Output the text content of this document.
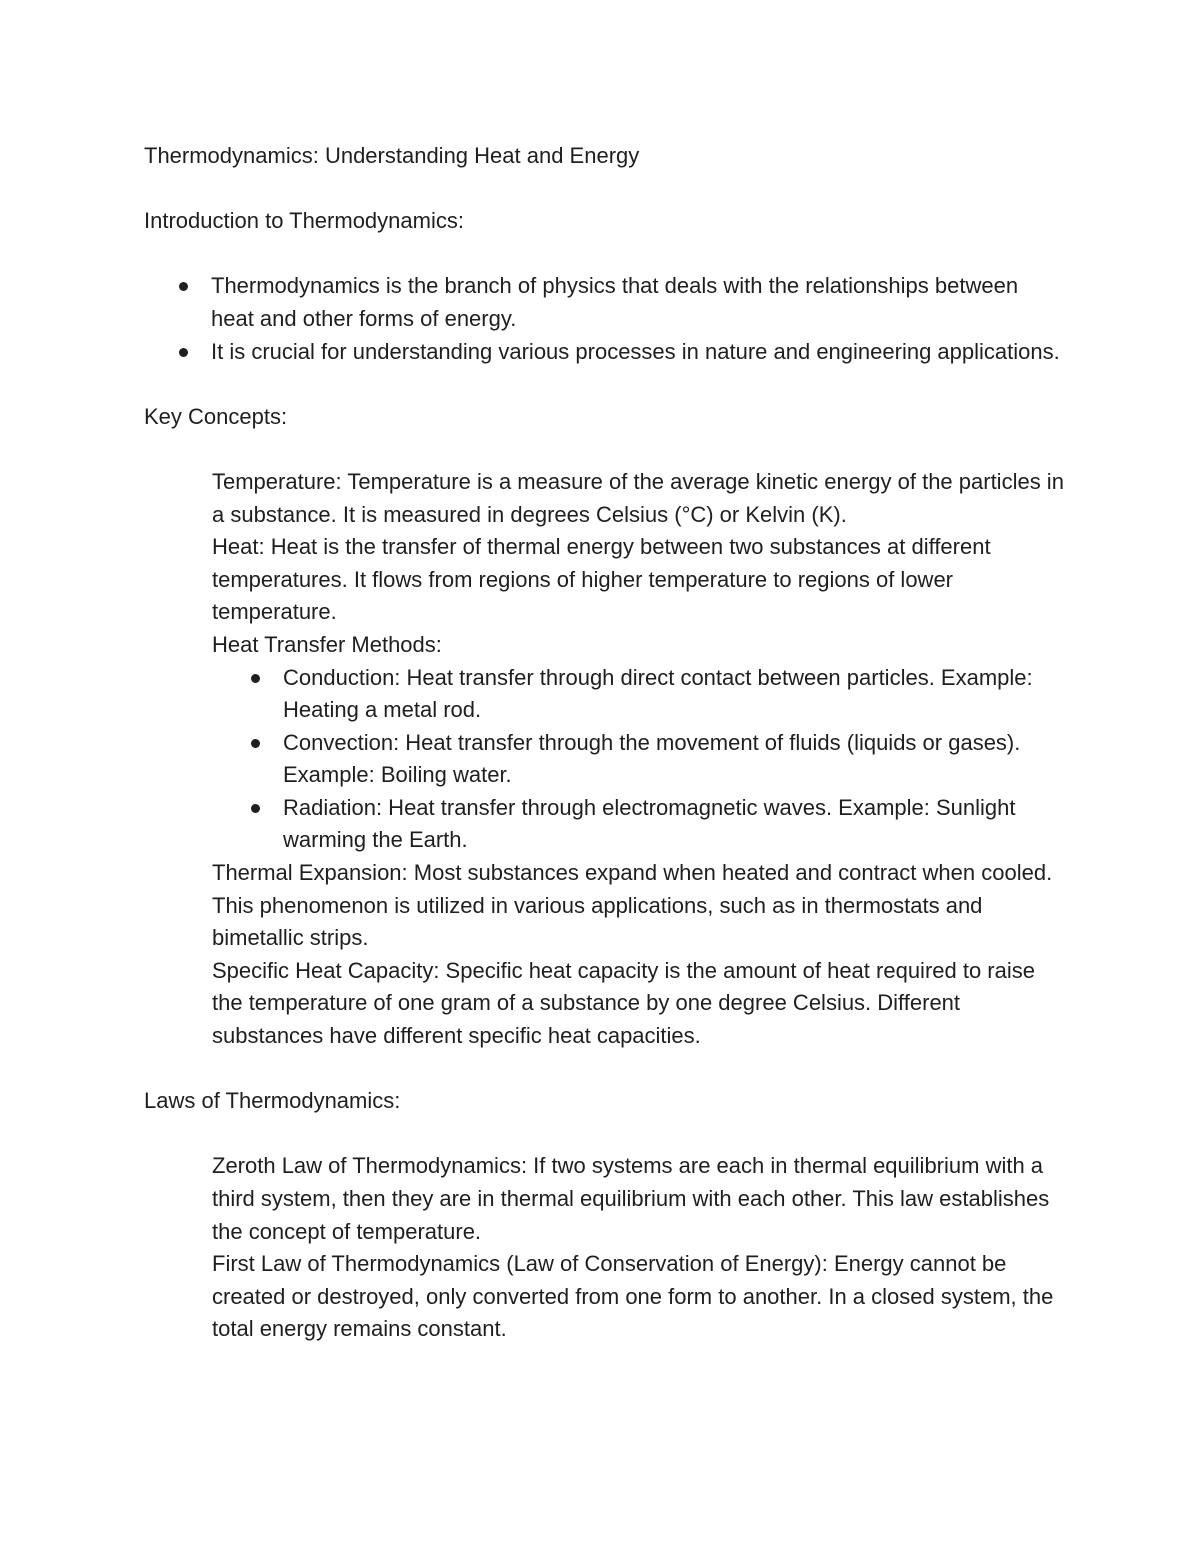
Thermodynamics: Understanding Heat and Energy

Introduction to Thermodynamics:

Thermodynamics is the branch of physics that deals with the relationships between heat and other forms of energy.
It is crucial for understanding various processes in nature and engineering applications.

Key Concepts:

Temperature: Temperature is a measure of the average kinetic energy of the particles in a substance. It is measured in degrees Celsius (°C) or Kelvin (K).

Heat: Heat is the transfer of thermal energy between two substances at different temperatures. It flows from regions of higher temperature to regions of lower temperature.

Heat Transfer Methods:

Conduction: Heat transfer through direct contact between particles. Example: Heating a metal rod.
Convection: Heat transfer through the movement of fluids (liquids or gases). Example: Boiling water.
Radiation: Heat transfer through electromagnetic waves. Example: Sunlight warming the Earth.

Thermal Expansion: Most substances expand when heated and contract when cooled. This phenomenon is utilized in various applications, such as in thermostats and bimetallic strips.

Specific Heat Capacity: Specific heat capacity is the amount of heat required to raise the temperature of one gram of a substance by one degree Celsius. Different substances have different specific heat capacities.

Laws of Thermodynamics:

Zeroth Law of Thermodynamics: If two systems are each in thermal equilibrium with a third system, then they are in thermal equilibrium with each other. This law establishes the concept of temperature.

First Law of Thermodynamics (Law of Conservation of Energy): Energy cannot be created or destroyed, only converted from one form to another. In a closed system, the total energy remains constant.
